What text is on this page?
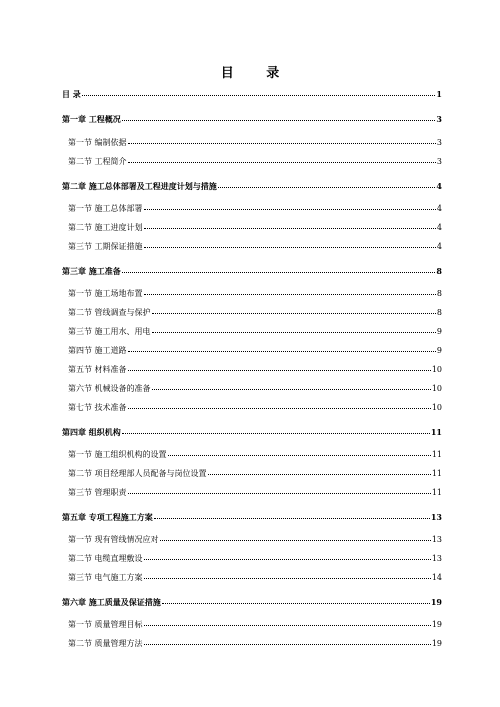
目 录
目 录	1
第一章 工程概况	3
第一节 编制依据	3
第二节 工程简介	3
第二章 施工总体部署及工程进度计划与措施	4
第一节 施工总体部署	4
第二节 施工进度计划	4
第三节 工期保证措施	4
第三章 施工准备	8
第一节 施工场地布置	8
第二节 管线调查与保护	8
第三节 施工用水、用电	9
第四节 施工道路	9
第五节 材料准备	10
第六节 机械设备的准备	10
第七节 技术准备	10
第四章 组织机构	11
第一节 施工组织机构的设置	11
第二节 项目经理部人员配备与岗位设置	11
第三节 管理职责	11
第五章 专项工程施工方案	13
第一节 现有管线情况应对	13
第二节 电缆直埋敷设	13
第三节 电气施工方案	14
第六章 施工质量及保证措施	19
第一节 质量管理目标	19
第二节 质量管理方法	19
